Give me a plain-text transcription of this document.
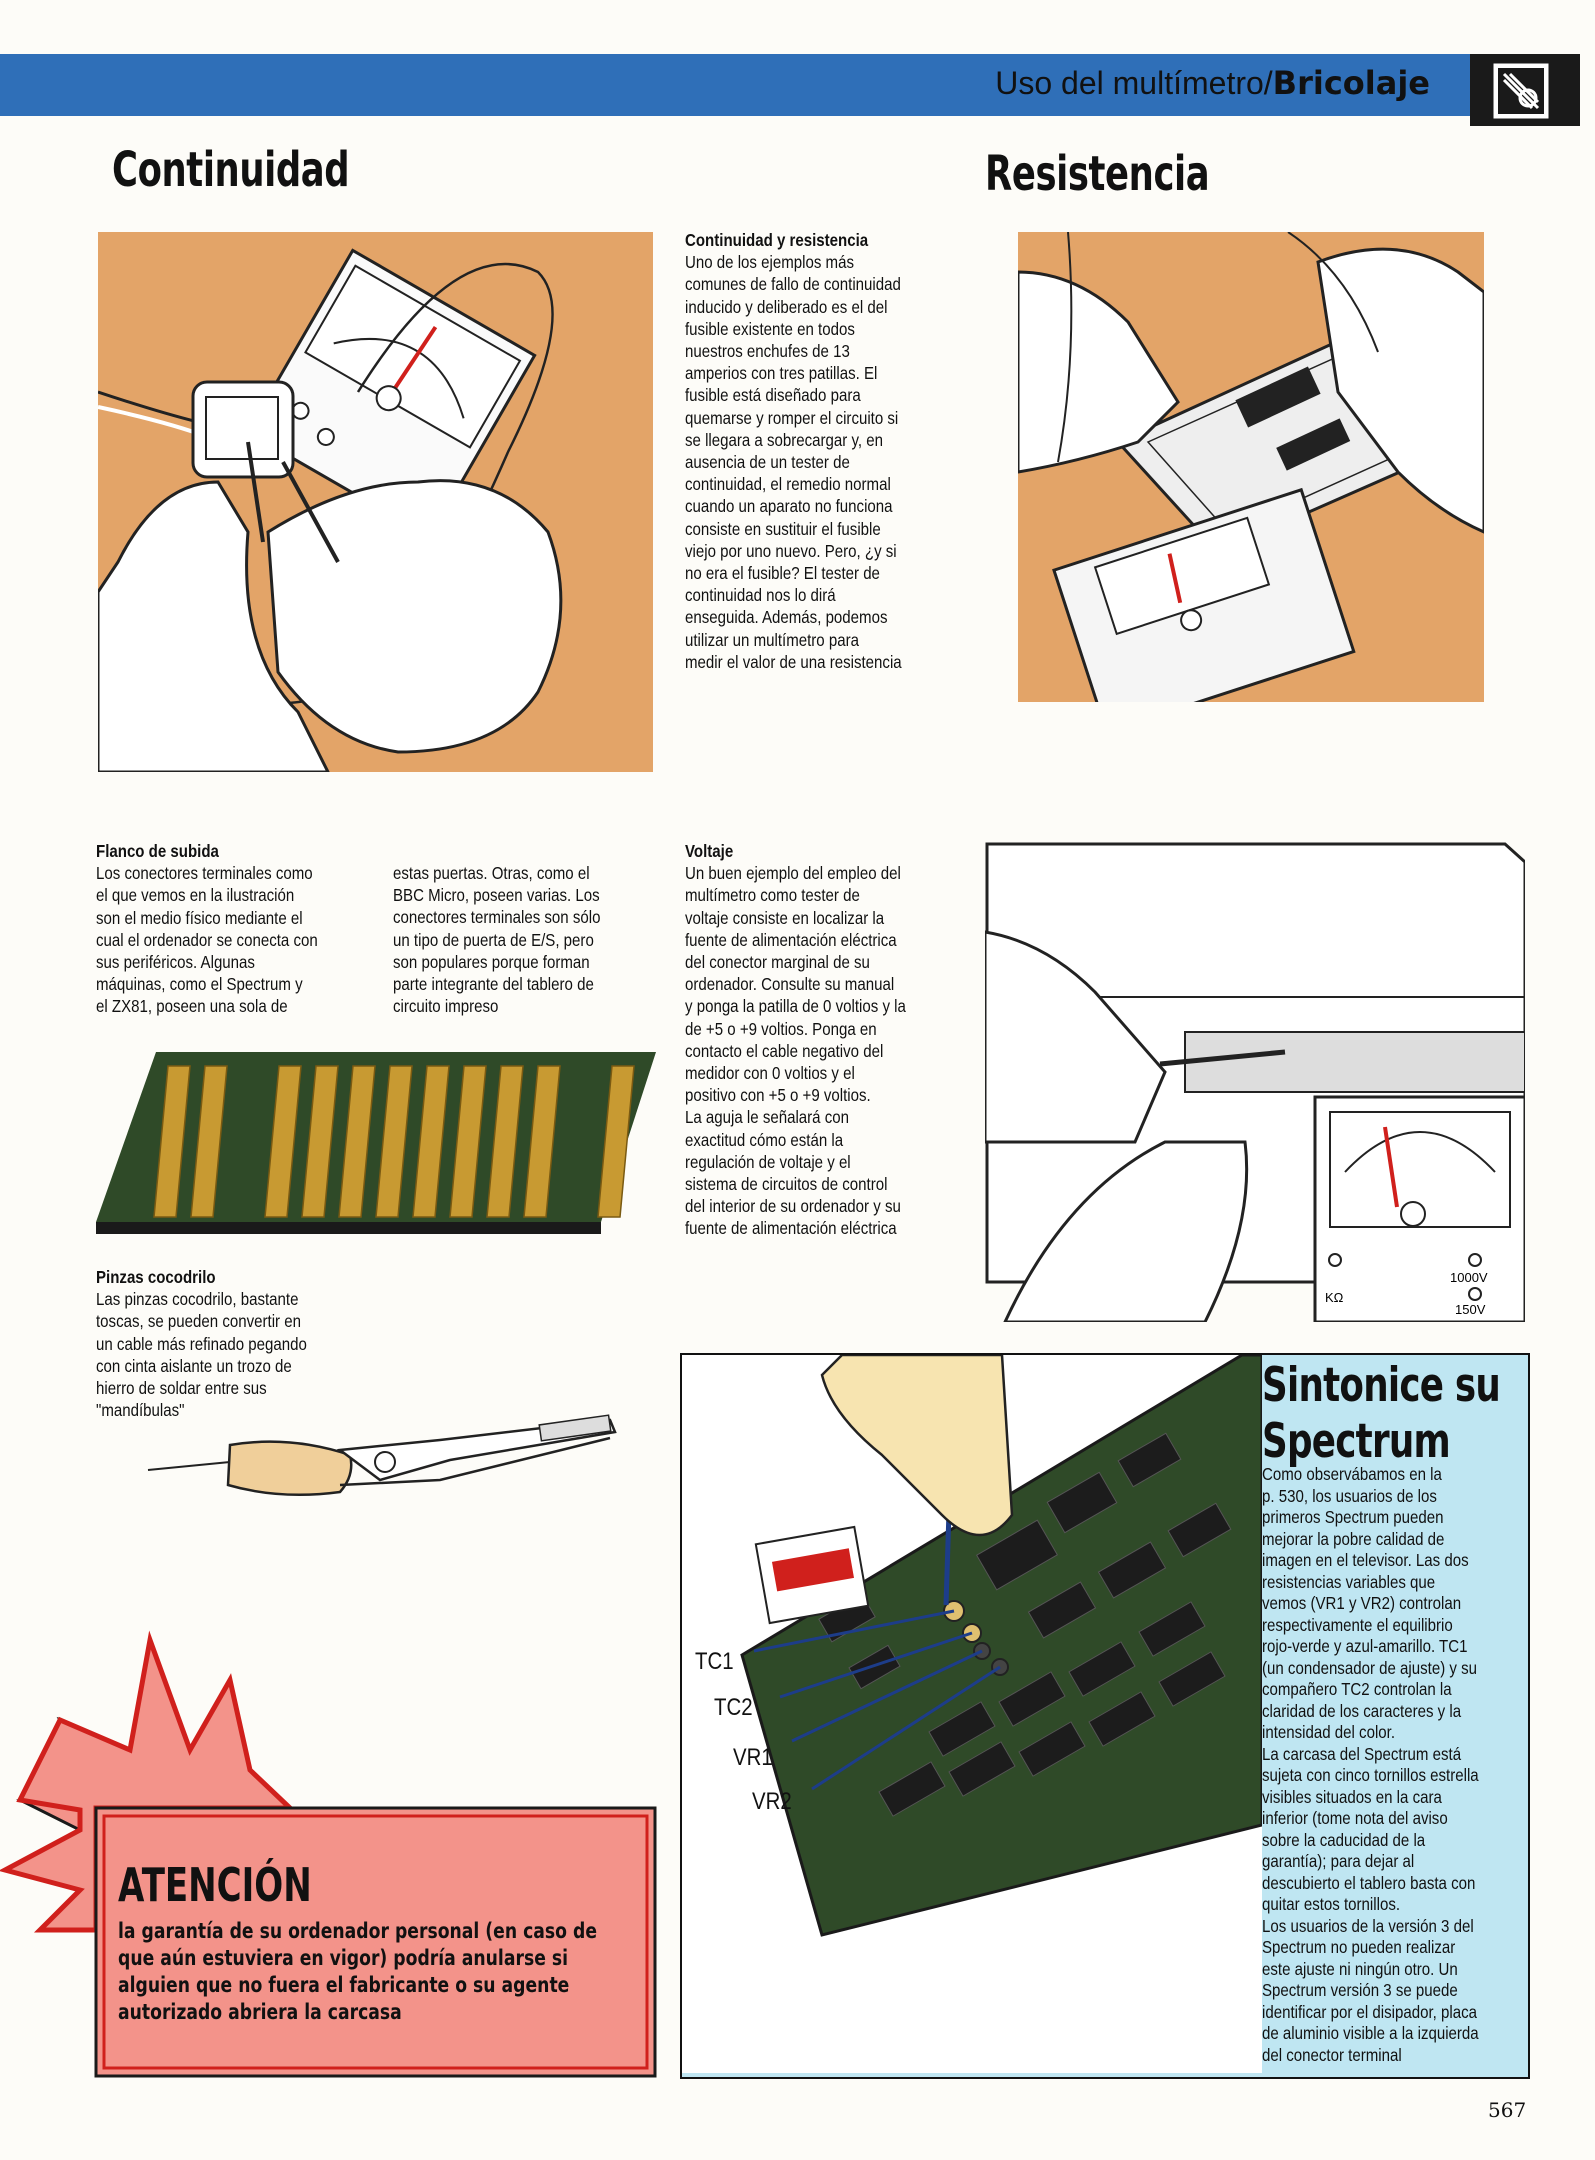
Uso del multímetro/Bricolaje
Continuidad	Resistencia
Continuidad y resistencia
Uno de los ejemplos más
comunes de fallo de continuidad
inducido y deliberado es el del
fusible existente en todos
nuestros enchufes de 13
amperios con tres patillas. El
fusible está diseñado para
quemarse y romper el circuito si
se llegara a sobrecargar y, en
ausencia de un tester de
continuidad, el remedio normal
cuando un aparato no funciona
consiste en sustituir el fusible
viejo por uno nuevo. Pero, ¿y si
no era el fusible? El tester de
continuidad nos lo dirá
enseguida. Además, podemos
utilizar un multímetro para
medir el valor de una resistencia
Flanco de subida
Los conectores terminales como
el que vemos en la ilustración
son el medio físico mediante el
cual el ordenador se conecta con
sus periféricos. Algunas
máquinas, como el Spectrum y
el ZX81, poseen una sola de
estas puertas. Otras, como el
BBC Micro, poseen varias. Los
conectores terminales son sólo
un tipo de puerta de E/S, pero
son populares porque forman
parte integrante del tablero de
circuito impreso
Pinzas cocodrilo
Las pinzas cocodrilo, bastante
toscas, se pueden convertir en
un cable más refinado pegando
con cinta aislante un trozo de
hierro de soldar entre sus
"mandíbulas"
Voltaje
Un buen ejemplo del empleo del
multímetro como tester de
voltaje consiste en localizar la
fuente de alimentación eléctrica
del conector marginal de su
ordenador. Consulte su manual
y ponga la patilla de 0 voltios y la
de +5 o +9 voltios. Ponga en
contacto el cable negativo del
medidor con 0 voltios y el
positivo con +5 o +9 voltios.
La aguja le señalará con
exactitud cómo están la
regulación de voltaje y el
sistema de circuitos de control
del interior de su ordenador y su
fuente de alimentación eléctrica
1000V
150V
KΩ
TC1
TC2
VR1
VR2
Sintonice su
Spectrum
Como observábamos en la
p. 530, los usuarios de los
primeros Spectrum pueden
mejorar la pobre calidad de
imagen en el televisor. Las dos
resistencias variables que
vemos (VR1 y VR2) controlan
respectivamente el equilibrio
rojo-verde y azul-amarillo. TC1
(un condensador de ajuste) y su
compañero TC2 controlan la
claridad de los caracteres y la
intensidad del color.
La carcasa del Spectrum está
sujeta con cinco tornillos estrella
visibles situados en la cara
inferior (tome nota del aviso
sobre la caducidad de la
garantía); para dejar al
descubierto el tablero basta con
quitar estos tornillos.
Los usuarios de la versión 3 del
Spectrum no pueden realizar
este ajuste ni ningún otro. Un
Spectrum versión 3 se puede
identificar por el disipador, placa
de aluminio visible a la izquierda
del conector terminal
ATENCIÓN
la garantía de su ordenador personal (en caso de
que aún estuviera en vigor) podría anularse si
alguien que no fuera el fabricante o su agente
autorizado abriera la carcasa
567
